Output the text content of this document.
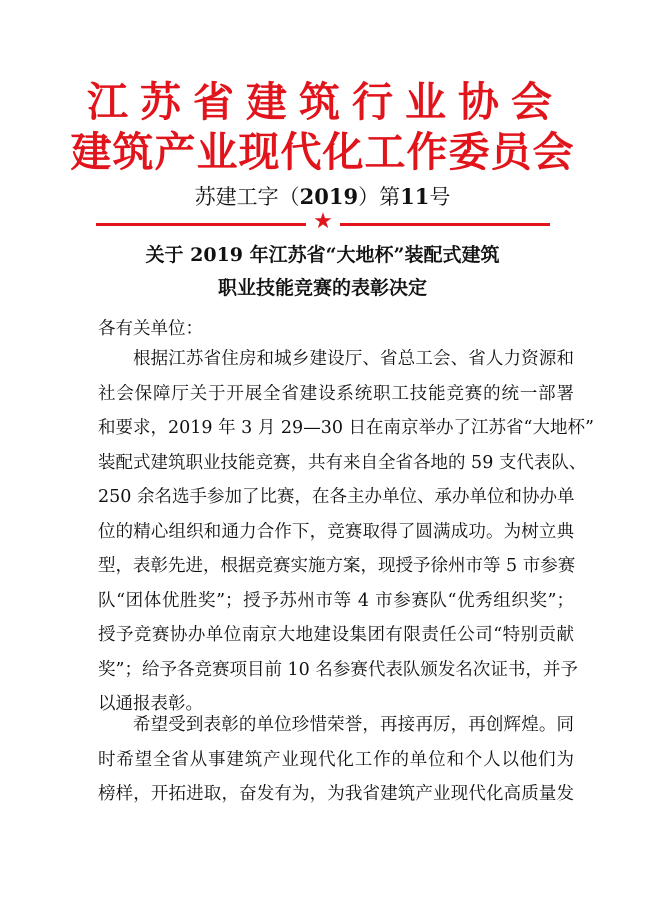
江苏省建筑行业协会
建筑产业现代化工作委员会
苏建工字（2019）第11号
★
关于 2019 年江苏省“大地杯”装配式建筑
职业技能竞赛的表彰决定
各有关单位：
根据江苏省住房和城乡建设厅、省总工会、省人力资源和
社会保障厅关于开展全省建设系统职工技能竞赛的统一部署
和要求，2019 年 3 月 29—30 日在南京举办了江苏省“大地杯”
装配式建筑职业技能竞赛，共有来自全省各地的 59 支代表队、
250 余名选手参加了比赛，在各主办单位、承办单位和协办单
位的精心组织和通力合作下，竞赛取得了圆满成功。为树立典
型，表彰先进，根据竞赛实施方案，现授予徐州市等 5 市参赛
队“团体优胜奖”；授予苏州市等 4 市参赛队“优秀组织奖”；
授予竞赛协办单位南京大地建设集团有限责任公司“特别贡献
奖”；给予各竞赛项目前 10 名参赛代表队颁发名次证书，并予
以通报表彰。
希望受到表彰的单位珍惜荣誉，再接再厉，再创辉煌。同
时希望全省从事建筑产业现代化工作的单位和个人以他们为
榜样，开拓进取，奋发有为，为我省建筑产业现代化高质量发
